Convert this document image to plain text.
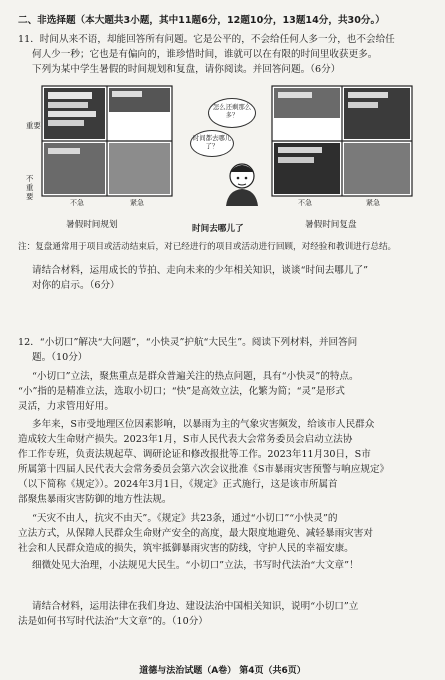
二、非选择题（本大题共3小题，其中11题6分，12题10分，13题14分，共30分。）
11．时间从来不语，却能回答所有问题。它是公平的，不会给任何人多一分，也不会给任
何人少一秒；它也是有偏向的，谁珍惜时间，谁就可以在有限的时间里收获更多。
下列为某中学生暑假的时间规划和复盘，请你阅读。并回答问题。（6分）
重要
不重要
不急	紧急
暑假时间规划
怎么还剩那么多？
时间都去哪儿了？
时间去哪儿了
不急	紧急
暑假时间复盘
注：复盘通常用于项目或活动结束后，对已经进行的项目或活动进行回顾，对经验和教训进行总结。
请结合材料，运用成长的节拍、走向未来的少年相关知识，谈谈“时间去哪儿了”
对你的启示。（6分）
12．“小切口”解决“大问题”，“小快灵”护航“大民生”。阅读下列材料，并回答问
题。（10分）
“小切口”立法，聚焦重点是群众普遍关注的热点问题，具有“小快灵”的特点。
“小”指的是精准立法，选取小切口；“快”是高效立法，化繁为简；“灵”是形式
灵活，力求管用好用。
多年来，S市受地理区位因素影响，以暴雨为主的气象灾害频发，给该市人民群众
造成较大生命财产损失。2023年1月，S市人民代表大会常务委员会启动立法协
作工作专班，负责法规起草、调研论证和修改报批等工作。2023年11月30日，S市
所属第十四届人民代表大会常务委员会第六次会议批准《S市暴雨灾害预警与响应规定》
（以下简称《规定》）。2024年3月1日，《规定》正式施行，这是该市所属首
部聚焦暴雨灾害防御的地方性法规。
“天灾不由人，抗灾不由天”。《规定》共23条，通过“小切口”“小快灵”的
立法方式，从保障人民群众生命财产安全的高度，最大限度地避免、减轻暴雨灾害对
社会和人民群众造成的损失，筑牢抵御暴雨灾害的防线，守护人民的幸福安康。
细微处见大治理，小法规见大民生。“小切口”立法，书写时代法治“大文章”！
请结合材料，运用法律在我们身边、建设法治中国相关知识，说明“小切口”立
法是如何书写时代法治“大文章”的。（10分）
道德与法治试题（A卷） 第4页（共6页）
